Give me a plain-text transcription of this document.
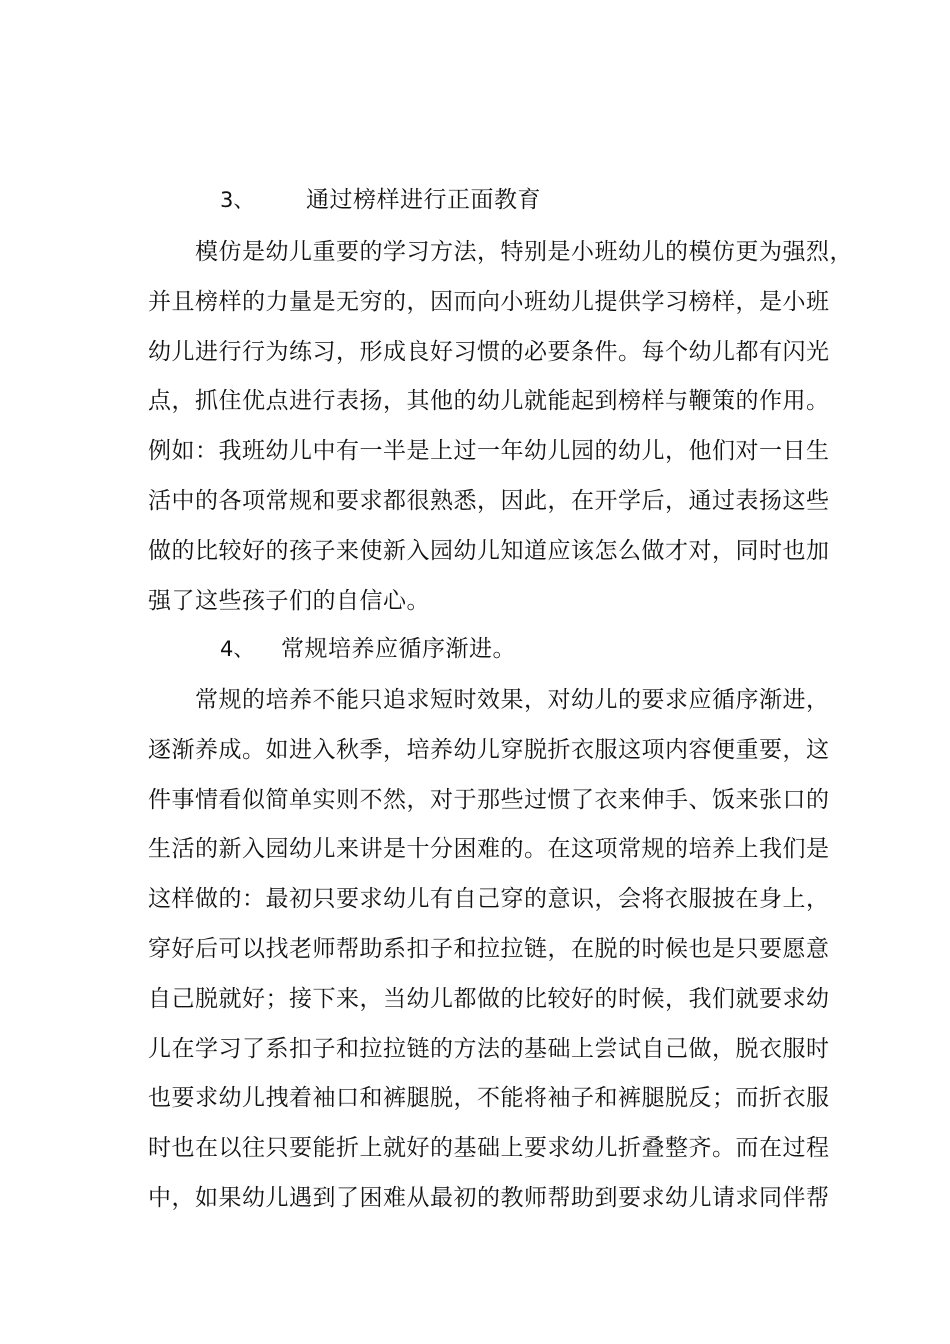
3、 通过榜样进行正面教育
模仿是幼儿重要的学习方法，特别是小班幼儿的模仿更为强烈，
并且榜样的力量是无穷的，因而向小班幼儿提供学习榜样，是小班
幼儿进行行为练习，形成良好习惯的必要条件。每个幼儿都有闪光
点，抓住优点进行表扬，其他的幼儿就能起到榜样与鞭策的作用。
例如：我班幼儿中有一半是上过一年幼儿园的幼儿，他们对一日生
活中的各项常规和要求都很熟悉，因此，在开学后，通过表扬这些
做的比较好的孩子来使新入园幼儿知道应该怎么做才对，同时也加
强了这些孩子们的自信心。
4、 常规培养应循序渐进。
常规的培养不能只追求短时效果，对幼儿的要求应循序渐进，
逐渐养成。如进入秋季，培养幼儿穿脱折衣服这项内容便重要，这
件事情看似简单实则不然，对于那些过惯了衣来伸手、饭来张口的
生活的新入园幼儿来讲是十分困难的。在这项常规的培养上我们是
这样做的：最初只要求幼儿有自己穿的意识，会将衣服披在身上，
穿好后可以找老师帮助系扣子和拉拉链，在脱的时候也是只要愿意
自己脱就好；接下来，当幼儿都做的比较好的时候，我们就要求幼
儿在学习了系扣子和拉拉链的方法的基础上尝试自己做，脱衣服时
也要求幼儿拽着袖口和裤腿脱，不能将袖子和裤腿脱反；而折衣服
时也在以往只要能折上就好的基础上要求幼儿折叠整齐。而在过程
中，如果幼儿遇到了困难从最初的教师帮助到要求幼儿请求同伴帮
